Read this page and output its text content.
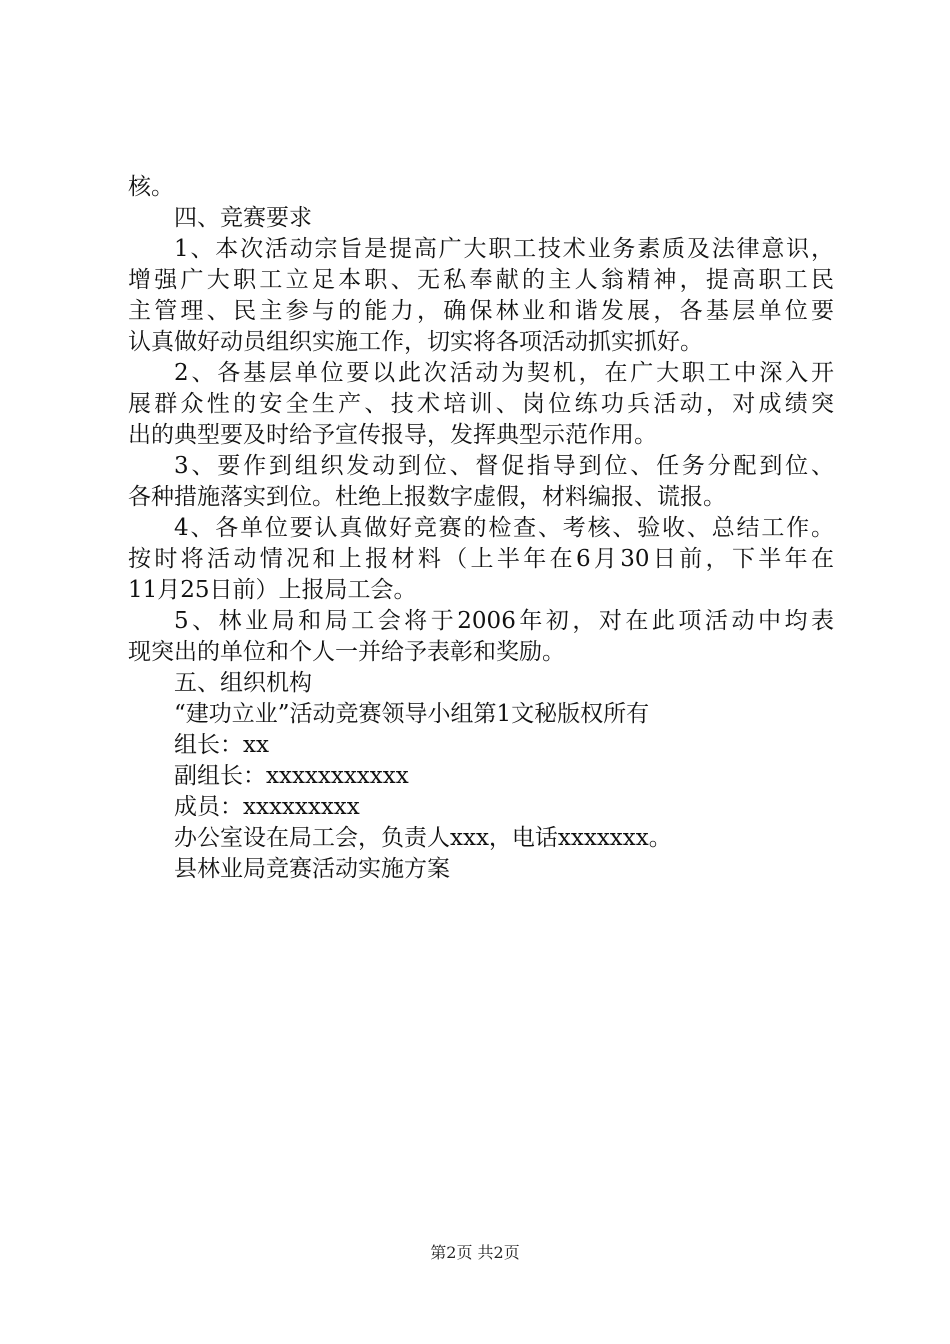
核。
四、竞赛要求
1、本次活动宗旨是提高广大职工技术业务素质及法律意识，
增强广大职工立足本职、无私奉献的主人翁精神，提高职工民
主管理、民主参与的能力，确保林业和谐发展，各基层单位要
认真做好动员组织实施工作，切实将各项活动抓实抓好。
2、各基层单位要以此次活动为契机，在广大职工中深入开
展群众性的安全生产、技术培训、岗位练功兵活动，对成绩突
出的典型要及时给予宣传报导，发挥典型示范作用。
3、要作到组织发动到位、督促指导到位、任务分配到位、
各种措施落实到位。杜绝上报数字虚假，材料编报、谎报。
4、各单位要认真做好竞赛的检查、考核、验收、总结工作。
按时将活动情况和上报材料（上半年在6月30日前，下半年在
11月25日前）上报局工会。
5、林业局和局工会将于2006年初，对在此项活动中均表
现突出的单位和个人一并给予表彰和奖励。
五、组织机构
“建功立业”活动竞赛领导小组第1文秘版权所有
组长：xx
副组长：xxxxxxxxxxx
成员：xxxxxxxxx
办公室设在局工会，负责人xxx，电话xxxxxxx。
县林业局竞赛活动实施方案
第2页 共2页
